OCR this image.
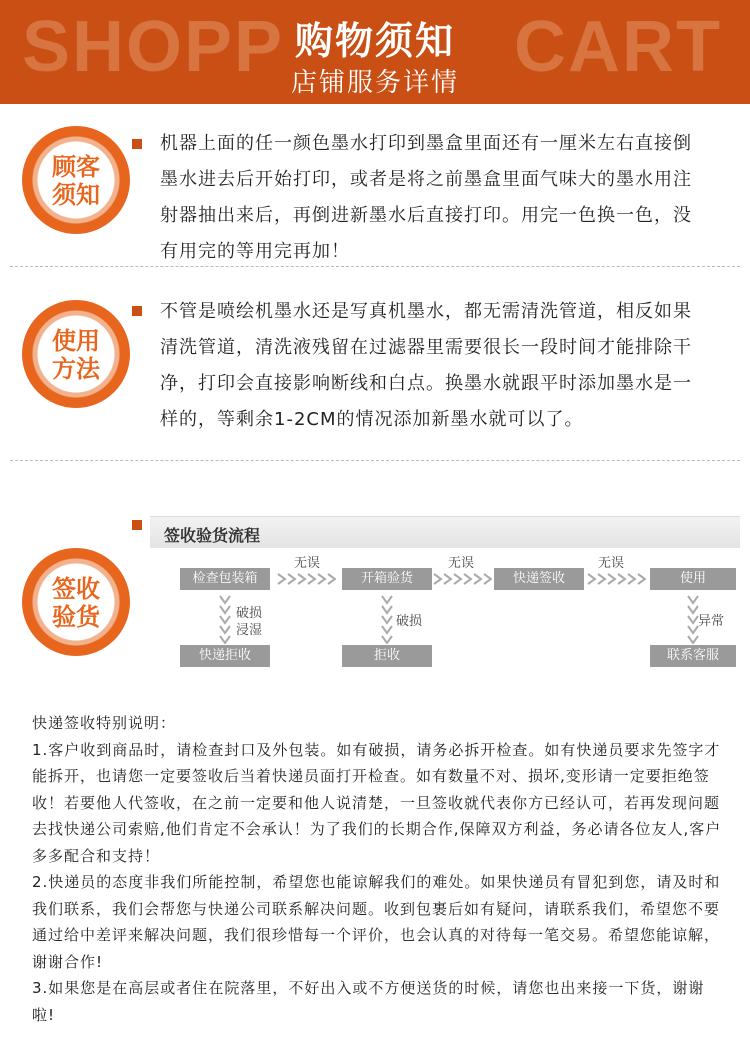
SHOPP	CART
购物须知
店铺服务详情
顾客
须知
机器上面的任一颜色墨水打印到墨盒里面还有一厘米左右直接倒墨水进去后开始打印，或者是将之前墨盒里面气味大的墨水用注射器抽出来后，再倒进新墨水后直接打印。用完一色换一色，没有用完的等用完再加！
使用
方法
不管是喷绘机墨水还是写真机墨水，都无需清洗管道，相反如果清洗管道，清洗液残留在过滤器里需要很长一段时间才能排除干净，打印会直接影响断线和白点。换墨水就跟平时添加墨水是一样的，等剩余1-2CM的情况添加新墨水就可以了。
签收
验货
签收验货流程
检查包装箱	开箱验货	快递签收	使用
无误	无误	无误
破损
浸湿
破损	异常
快递拒收	拒收	联系客服

快递签收特别说明：

1.客户收到商品时，请检查封口及外包装。如有破损，请务必拆开检查。如有快递员要求先签字才能拆开，也请您一定要签收后当着快递员面打开检查。如有数量不对、损坏,变形请一定要拒绝签收！若要他人代签收，在之前一定要和他人说清楚，一旦签收就代表你方已经认可，若再发现问题去找快递公司索赔,他们肯定不会承认！为了我们的长期合作,保障双方利益，务必请各位友人,客户多多配合和支持！

2.快递员的态度非我们所能控制，希望您也能谅解我们的难处。如果快递员有冒犯到您，请及时和我们联系，我们会帮您与快递公司联系解决问题。收到包裹后如有疑问，请联系我们，希望您不要通过给中差评来解决问题，我们很珍惜每一个评价，也会认真的对待每一笔交易。希望您能谅解，谢谢合作!

3.如果您是在高层或者住在院落里，不好出入或不方便送货的时候，请您也出来接一下货，谢谢啦!
